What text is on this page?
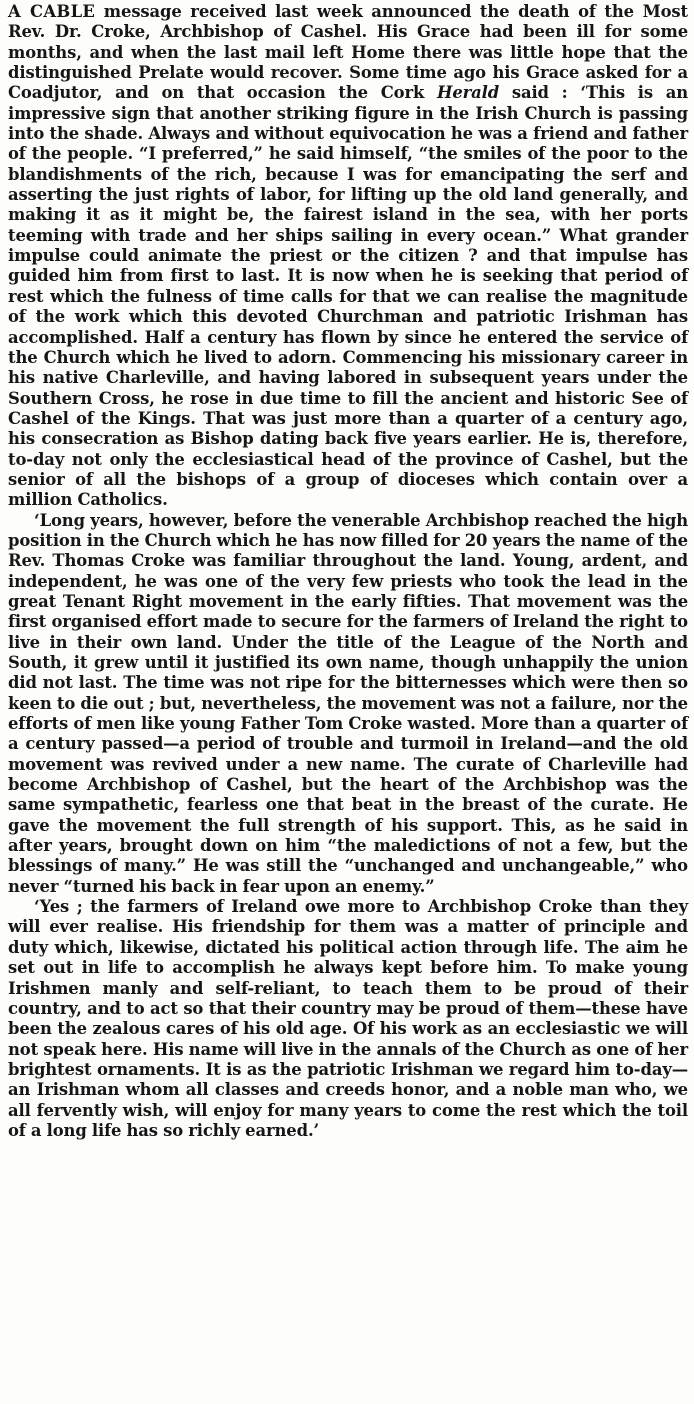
A CABLE message received last week announced the death of the Most Rev. Dr. Croke, Archbishop of Cashel. His Grace had been ill for some months, and when the last mail left Home there was little hope that the distinguished Prelate would recover. Some time ago his Grace asked for a Coadjutor, and on that occasion the Cork Herald said : ‘This is an impressive sign that another striking figure in the Irish Church is passing into the shade. Always and without equivocation he was a friend and father of the people. “I preferred,” he said himself, “the smiles of the poor to the blandishments of the rich, because I was for emancipating the serf and asserting the just rights of labor, for lifting up the old land generally, and making it as it might be, the fairest island in the sea, with her ports teeming with trade and her ships sailing in every ocean.” What grander impulse could animate the priest or the citizen ? and that impulse has guided him from first to last. It is now when he is seeking that period of rest which the fulness of time calls for that we can realise the magnitude of the work which this devoted Churchman and patriotic Irishman has accomplished. Half a century has flown by since he entered the service of the Church which he lived to adorn. Commencing his missionary career in his native Charleville, and having labored in subsequent years under the Southern Cross, he rose in due time to fill the ancient and historic See of Cashel of the Kings. That was just more than a quarter of a century ago, his consecration as Bishop dating back five years earlier. He is, therefore, to-day not only the ecclesiastical head of the province of Cashel, but the senior of all the bishops of a group of dioceses which contain over a million Catholics.

‘Long years, however, before the venerable Archbishop reached the high position in the Church which he has now filled for 20 years the name of the Rev. Thomas Croke was familiar throughout the land. Young, ardent, and independent, he was one of the very few priests who took the lead in the great Tenant Right movement in the early fifties. That movement was the first organised effort made to secure for the farmers of Ireland the right to live in their own land. Under the title of the League of the North and South, it grew until it justified its own name, though unhappily the union did not last. The time was not ripe for the bitternesses which were then so keen to die out ; but, nevertheless, the movement was not a failure, nor the efforts of men like young Father Tom Croke wasted. More than a quarter of a century passed—a period of trouble and turmoil in Ireland—and the old movement was revived under a new name. The curate of Charleville had become Archbishop of Cashel, but the heart of the Archbishop was the same sympathetic, fearless one that beat in the breast of the curate. He gave the movement the full strength of his support. This, as he said in after years, brought down on him “the maledictions of not a few, but the blessings of many.” He was still the “unchanged and unchangeable,” who never “turned his back in fear upon an enemy.”

‘Yes ; the farmers of Ireland owe more to Archbishop Croke than they will ever realise. His friendship for them was a matter of principle and duty which, likewise, dictated his political action through life. The aim he set out in life to accomplish he always kept before him. To make young Irishmen manly and self-reliant, to teach them to be proud of their country, and to act so that their country may be proud of them—these have been the zealous cares of his old age. Of his work as an ecclesiastic we will not speak here. His name will live in the annals of the Church as one of her brightest ornaments. It is as the patriotic Irishman we regard him to-day—an Irishman whom all classes and creeds honor, and a noble man who, we all fervently wish, will enjoy for many years to come the rest which the toil of a long life has so richly earned.’
